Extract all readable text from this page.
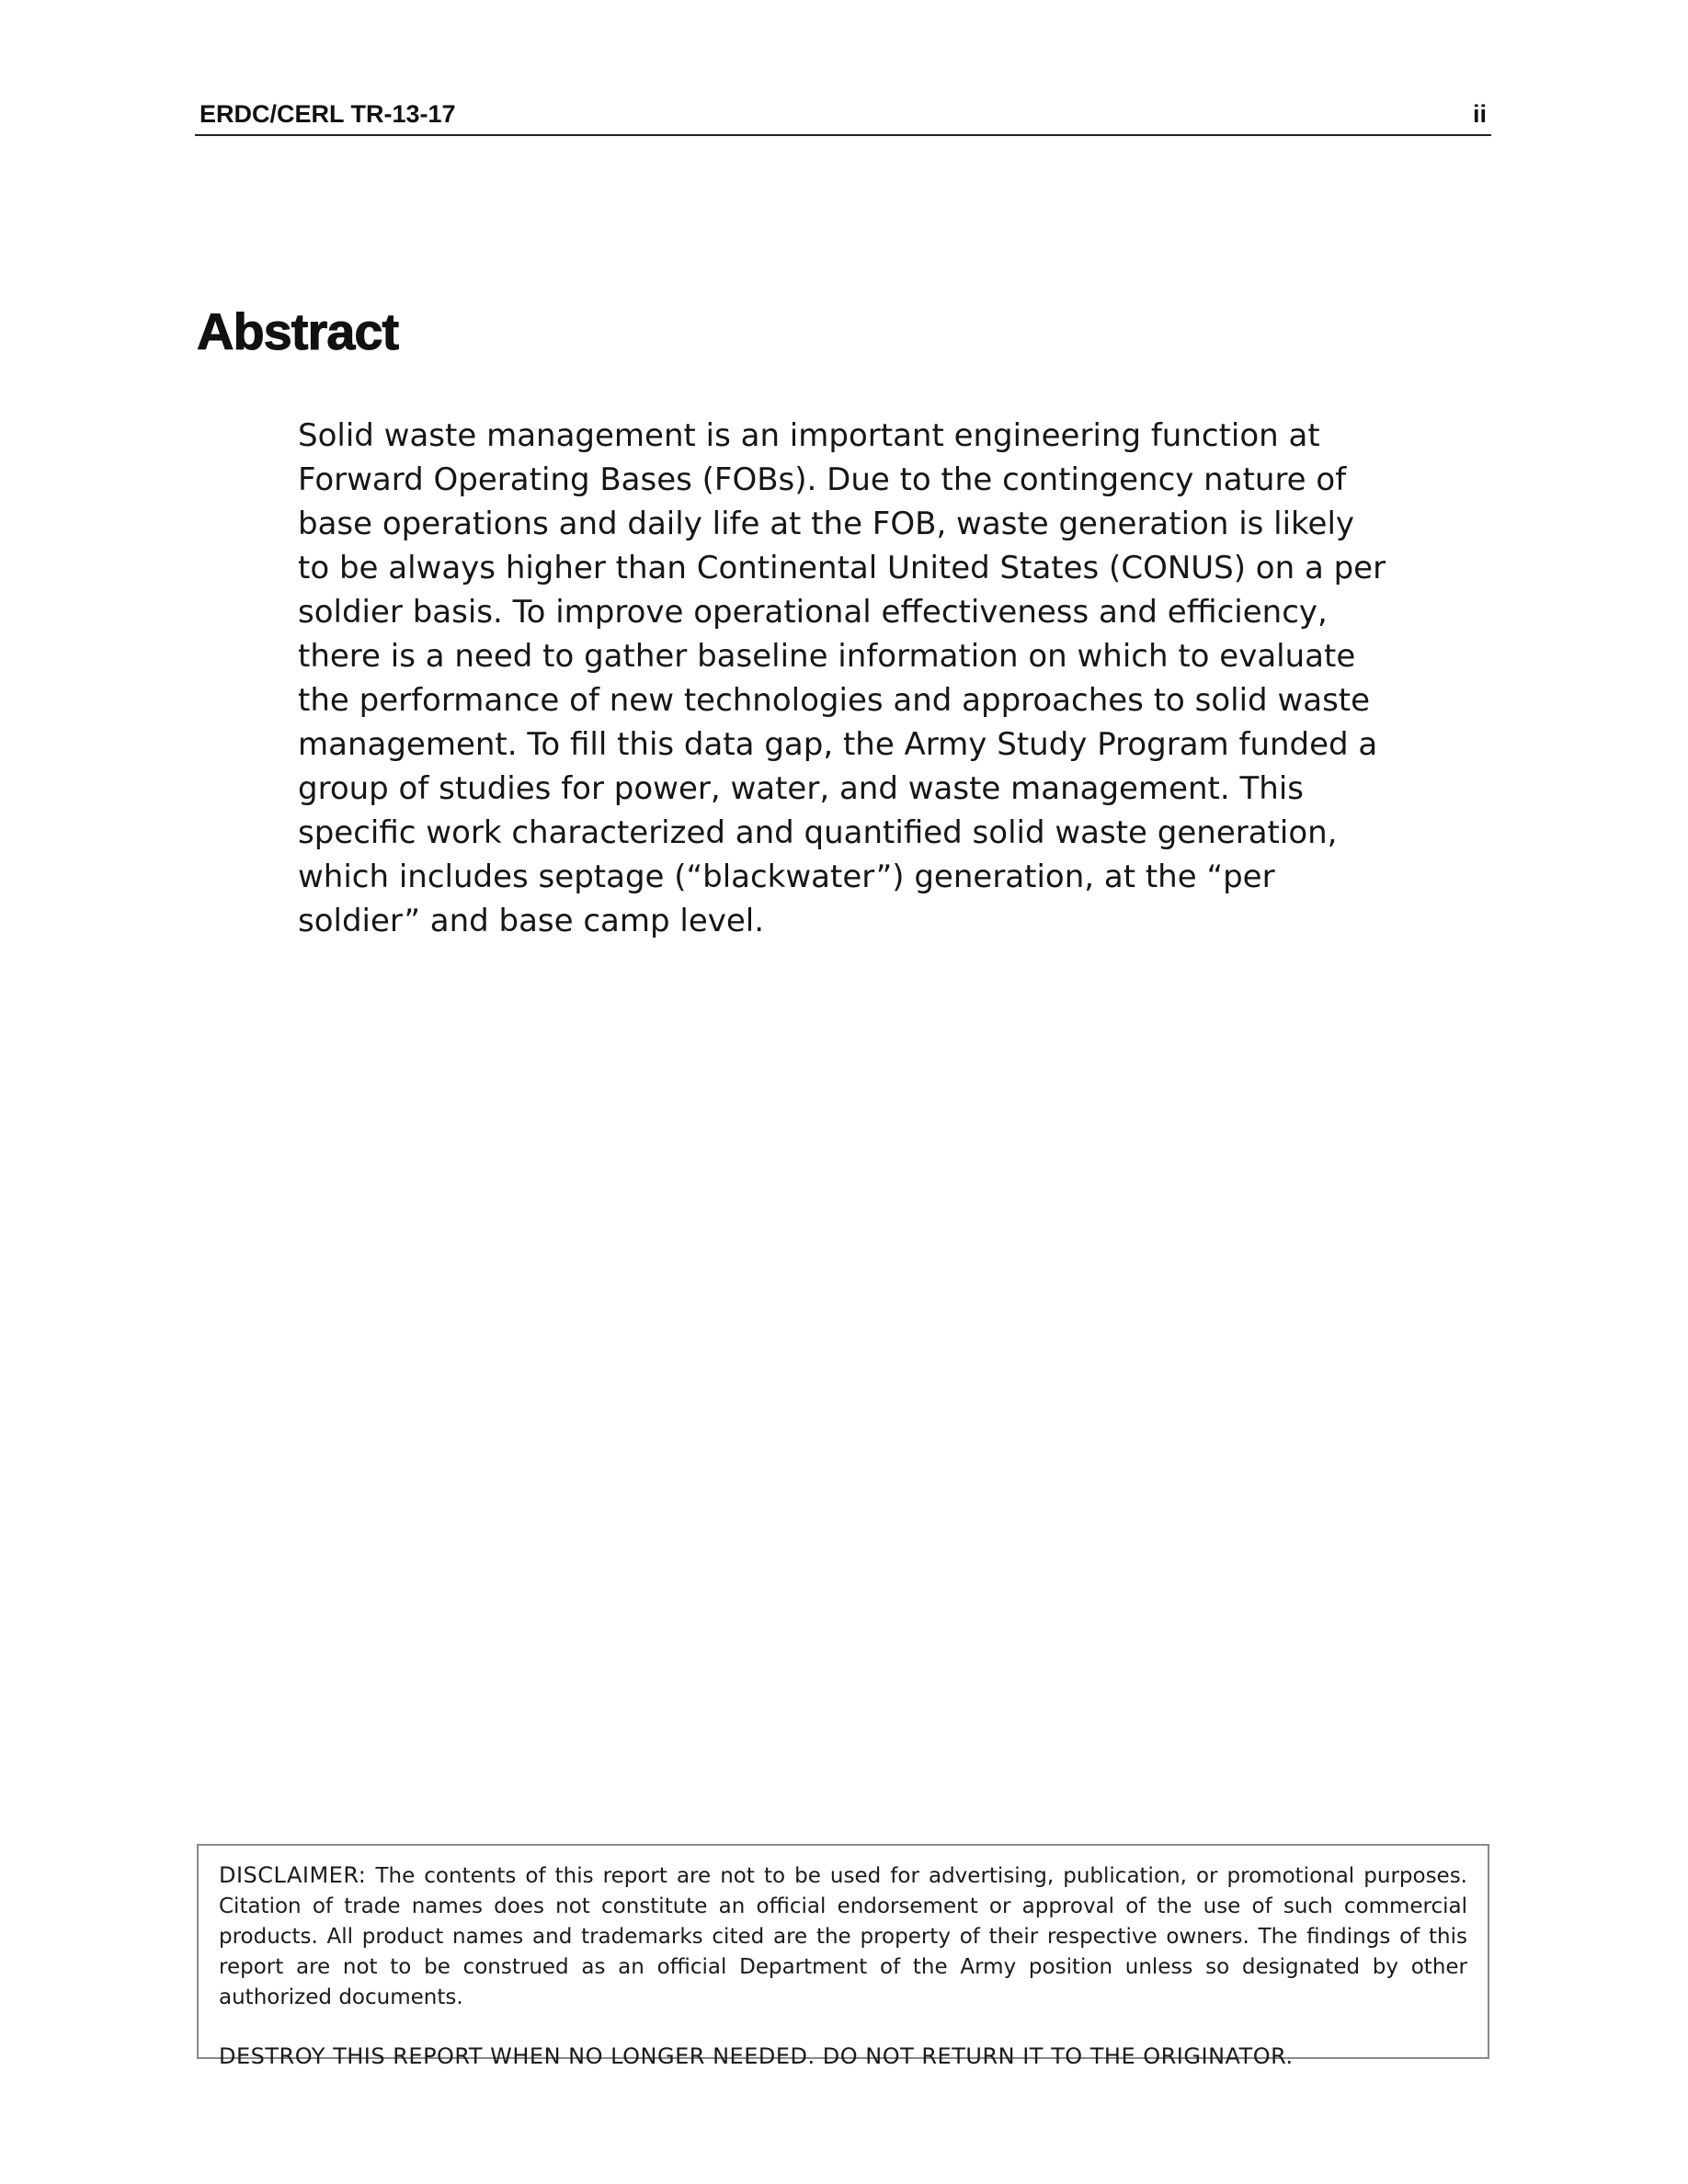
ERDC/CERL TR-13-17	ii
Abstract

Solid waste management is an important engineering function at Forward Operating Bases (FOBs). Due to the contingency nature of base operations and daily life at the FOB, waste generation is likely to be always higher than Continental United States (CONUS) on a per soldier basis. To improve operational effectiveness and efficiency, there is a need to gather baseline information on which to evaluate the performance of new technologies and approaches to solid waste management. To fill this data gap, the Army Study Program funded a group of studies for power, water, and waste management. This specific work characterized and quantified solid waste generation, which includes septage (“blackwater”) generation, at the “per soldier” and base camp level.

DISCLAIMER: The contents of this report are not to be used for advertising, publication, or promotional purposes. Citation of trade names does not constitute an official endorsement or approval of the use of such commercial products. All product names and trademarks cited are the property of their respective owners. The findings of this report are not to be construed as an official Department of the Army position unless so designated by other authorized documents.

DESTROY THIS REPORT WHEN NO LONGER NEEDED. DO NOT RETURN IT TO THE ORIGINATOR.
